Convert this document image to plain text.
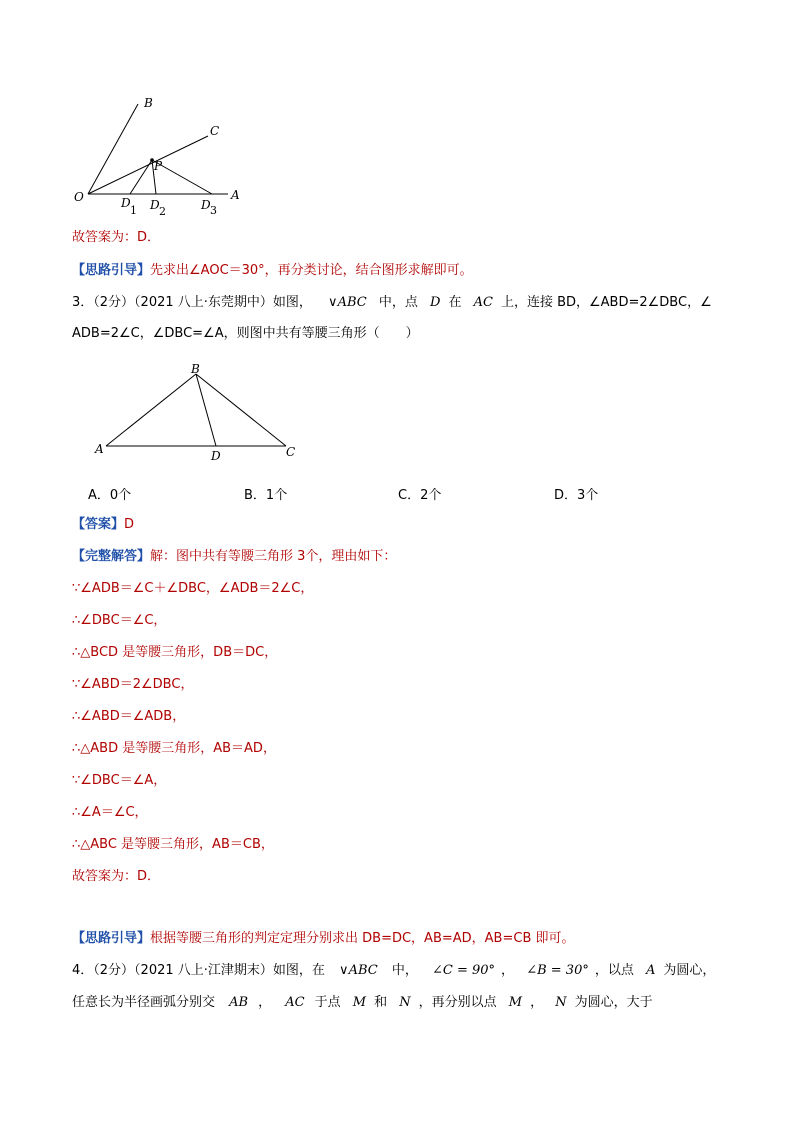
B
C
P
O	A
D
1 D 2	D 3
故答案为：D．
【思路引导】先求出∠AOC＝30°，再分类讨论，结合图形求解即可。
3．（2分）（2021 八上·东莞期中）如图， ∨ABC 中，点 D 在 AC 上，连接 BD，∠ABD=2∠DBC，∠
ADB=2∠C，∠DBC=∠A，则图中共有等腰三角形（　　）
B
A	D	C
A．0个	B．1个	C．2个	D．3个
【答案】D
【完整解答】解：图中共有等腰三角形 3个，理由如下：
∵∠ADB＝∠C＋∠DBC，∠ADB＝2∠C，
∴∠DBC＝∠C，
∴△BCD 是等腰三角形，DB＝DC，
∵∠ABD＝2∠DBC，
∴∠ABD＝∠ADB，
∴△ABD 是等腰三角形，AB＝AD，
∵∠DBC＝∠A，
∴∠A＝∠C，
∴△ABC 是等腰三角形，AB＝CB，
故答案为：D．
【思路引导】根据等腰三角形的判定定理分别求出 DB=DC，AB=AD，AB=CB 即可。
4．（2分）（2021 八上·江津期末）如图，在 ∨ABC 中， ∠C = 90° ， ∠B = 30° ，以点 A 为圆心，
任意长为半径画弧分别交 AB ， AC 于点 M 和 N ，再分别以点 M ， N 为圆心，大于
